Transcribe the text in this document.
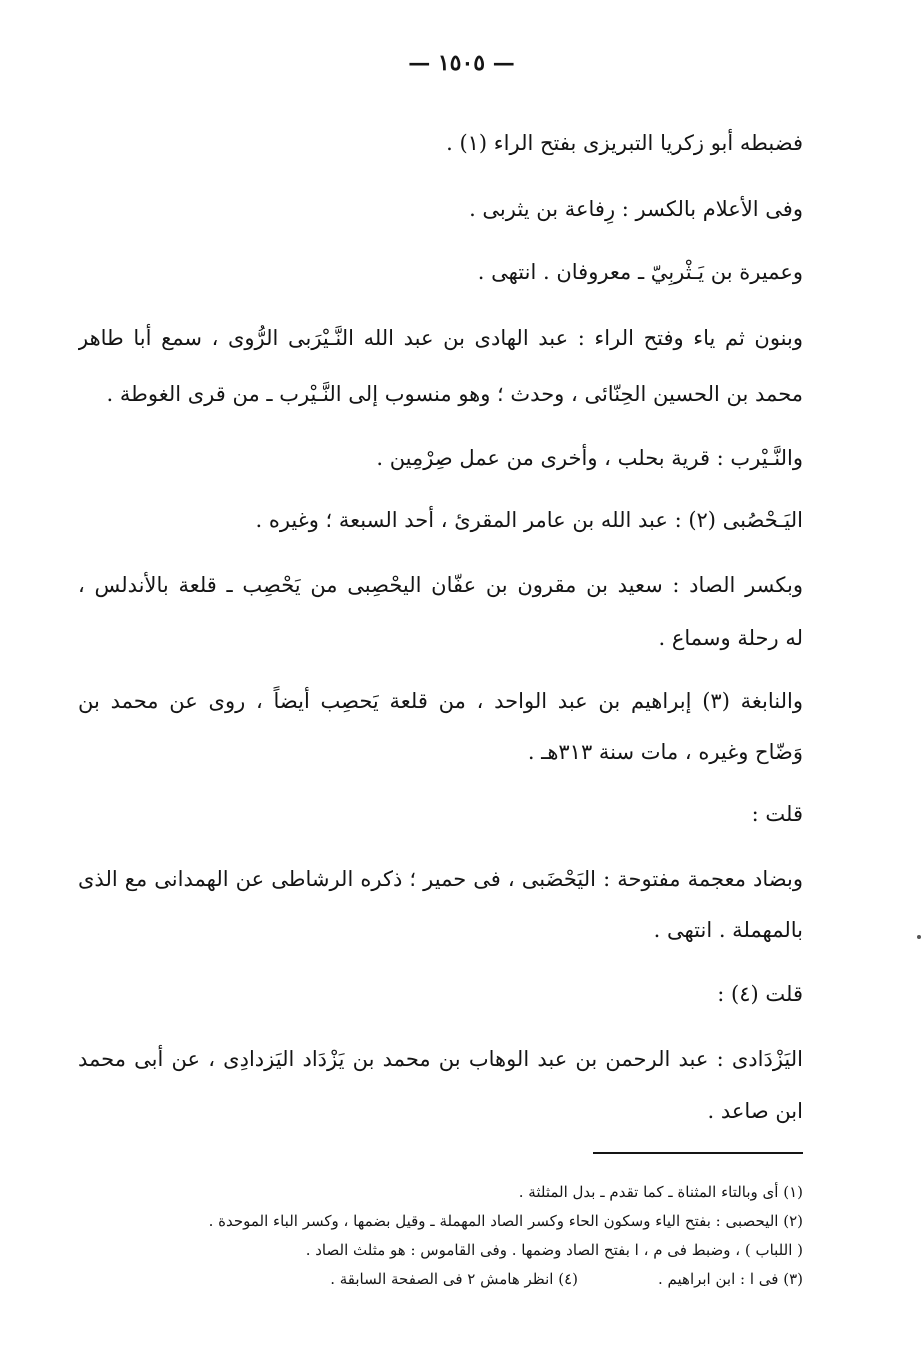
— ١٥٠٥ —
فضبطه أبو زكريا التبريزى بفتح الراء (١) .
وفى الأعلام بالكسر : رِفاعة بن يثربى .
وعميرة بن يَـثْربِيّ ـ معروفان . انتهى .
وبنون ثم ياء وفتح الراء : عبد الهادى بن عبد الله النَّـيْرَبى الرُّوى ، سمع أبا طاهر
محمد بن الحسين الحِنّائى ، وحدث ؛ وهو منسوب إلى النَّـيْرب ـ من قرى الغوطة .
والنَّـيْرب : قرية بحلب ، وأخرى من عمل صِرْمِين .
اليَـحْصُبى (٢) : عبد الله بن عامر المقرئ ، أحد السبعة ؛ وغيره .
وبكسر الصاد : سعيد بن مقرون بن عفّان اليحْصِبى من يَحْصِب ـ قلعة بالأندلس ،
له رحلة وسماع .
والنابغة (٣) إبراهيم بن عبد الواحد ، من قلعة يَحصِب أيضاً ، روى عن محمد بن
وَضّاح وغيره ، مات سنة ٣١٣هـ .
قلت :
وبضاد معجمة مفتوحة : اليَحْضَبى ، فى حمير ؛ ذكره الرشاطى عن الهمدانى مع الذى
بالمهملة . انتهى .
قلت (٤) :
اليَزْدَادى : عبد الرحمن بن عبد الوهاب بن محمد بن يَزْدَاد اليَزدادِى ، عن أبى محمد
ابن صاعد .
(١) أى وبالتاء المثناة ـ كما تقدم ـ بدل المثلثة .
(٢) اليحصبى : بفتح الياء وسكون الحاء وكسر الصاد المهملة ـ وقيل بضمها ، وكسر الباء الموحدة .
( اللباب ) ، وضبط فى م ، ا بفتح الصاد وضمها . وفى القاموس : هو مثلث الصاد .
(٣) فى ا : ابن ابراهيم .(٤) انظر هامش ٢ فى الصفحة السابقة .
